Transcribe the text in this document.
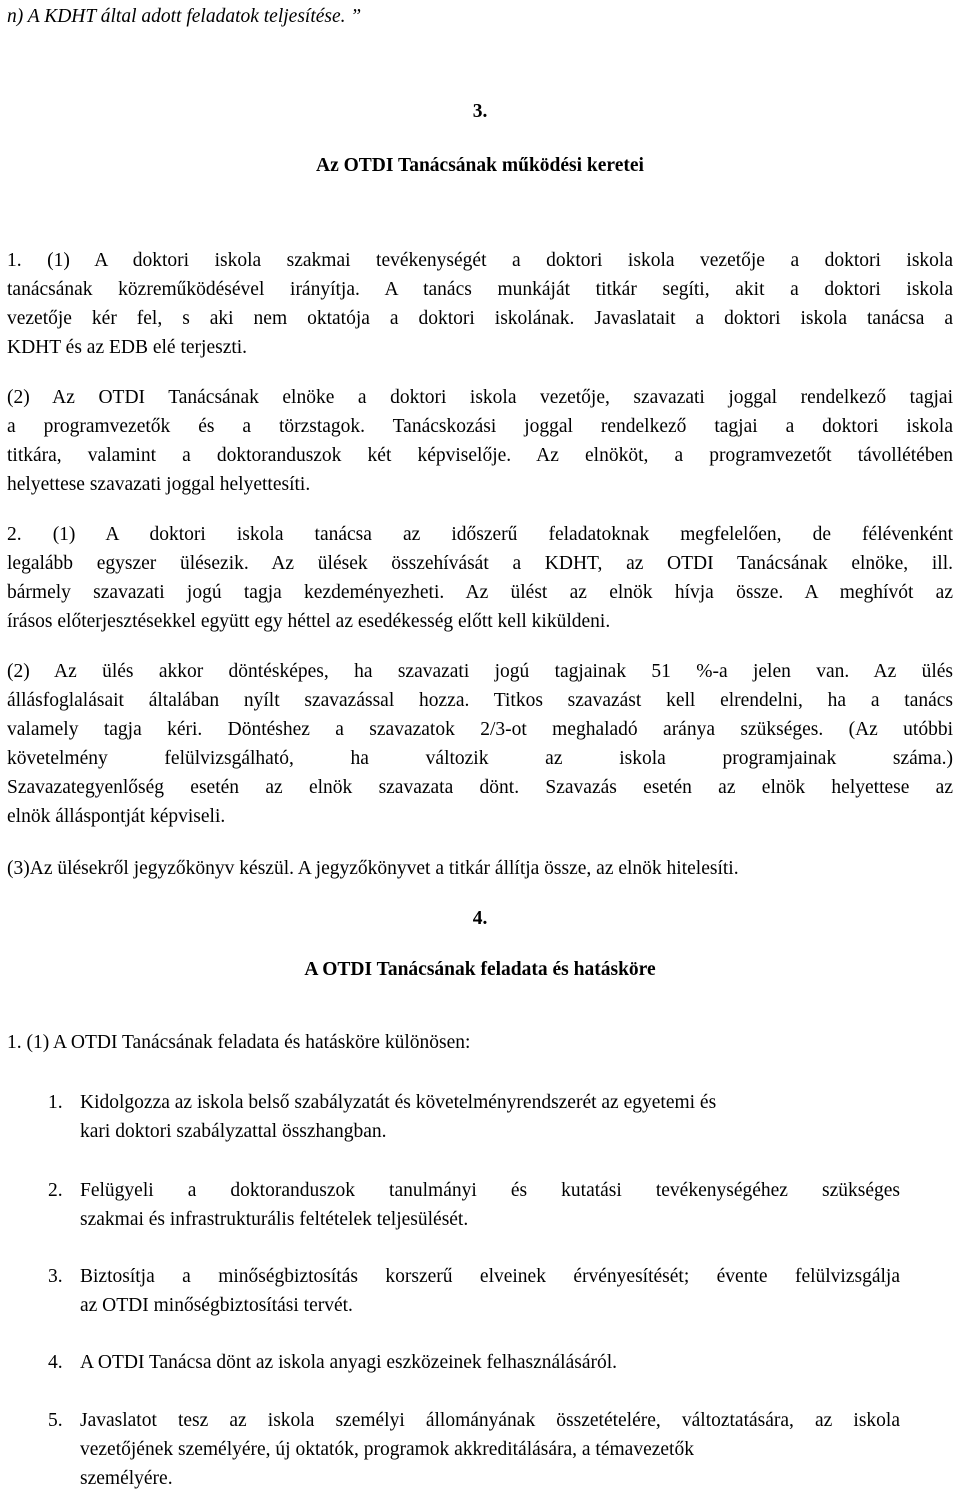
n) A KDHT által adott feladatok teljesítése. ”
3.
Az OTDI Tanácsának működési keretei
1. (1) A doktori iskola szakmai tevékenységét a doktori iskola vezetője a doktori iskola
tanácsának közreműködésével irányítja. A tanács munkáját titkár segíti, akit a doktori iskola
vezetője kér fel, s aki nem oktatója a doktori iskolának. Javaslatait a doktori iskola tanácsa a
KDHT és az EDB elé terjeszti.
(2) Az OTDI Tanácsának elnöke a doktori iskola vezetője, szavazati joggal rendelkező tagjai
a programvezetők és a törzstagok. Tanácskozási joggal rendelkező tagjai a doktori iskola
titkára, valamint a doktoranduszok két képviselője. Az elnököt, a programvezetőt távollétében
helyettese szavazati joggal helyettesíti.
2. (1) A doktori iskola tanácsa az időszerű feladatoknak megfelelően, de félévenként
legalább egyszer ülésezik. Az ülések összehívását a KDHT, az OTDI Tanácsának elnöke, ill.
bármely szavazati jogú tagja kezdeményezheti. Az ülést az elnök hívja össze. A meghívót az
írásos előterjesztésekkel együtt egy héttel az esedékesség előtt kell kiküldeni.
(2) Az ülés akkor döntésképes, ha szavazati jogú tagjainak 51 %-a jelen van. Az ülés
állásfoglalásait általában nyílt szavazással hozza. Titkos szavazást kell elrendelni, ha a tanács
valamely tagja kéri. Döntéshez a szavazatok 2/3-ot meghaladó aránya szükséges. (Az utóbbi
követelmény felülvizsgálható, ha változik az iskola programjainak száma.)
Szavazategyenlőség esetén az elnök szavazata dönt. Szavazás esetén az elnök helyettese az
elnök álláspontját képviseli.
(3)Az ülésekről jegyzőkönyv készül. A jegyzőkönyvet a titkár állítja össze, az elnök hitelesíti.
4.
A OTDI Tanácsának feladata és hatásköre
1. (1) A OTDI Tanácsának feladata és hatásköre különösen:
1. Kidolgozza az iskola belső szabályzatát és követelményrendszerét az egyetemi és
kari doktori szabályzattal összhangban.
2. Felügyeli a doktoranduszok tanulmányi és kutatási tevékenységéhez szükséges
szakmai és infrastrukturális feltételek teljesülését.
3. Biztosítja a minőségbiztosítás korszerű elveinek érvényesítését; évente felülvizsgálja
az OTDI minőségbiztosítási tervét.
4. A OTDI Tanácsa dönt az iskola anyagi eszközeinek felhasználásáról.
5. Javaslatot tesz az iskola személyi állományának összetételére, változtatására, az iskola
vezetőjének személyére, új oktatók, programok akkreditálására, a témavezetők
személyére.
